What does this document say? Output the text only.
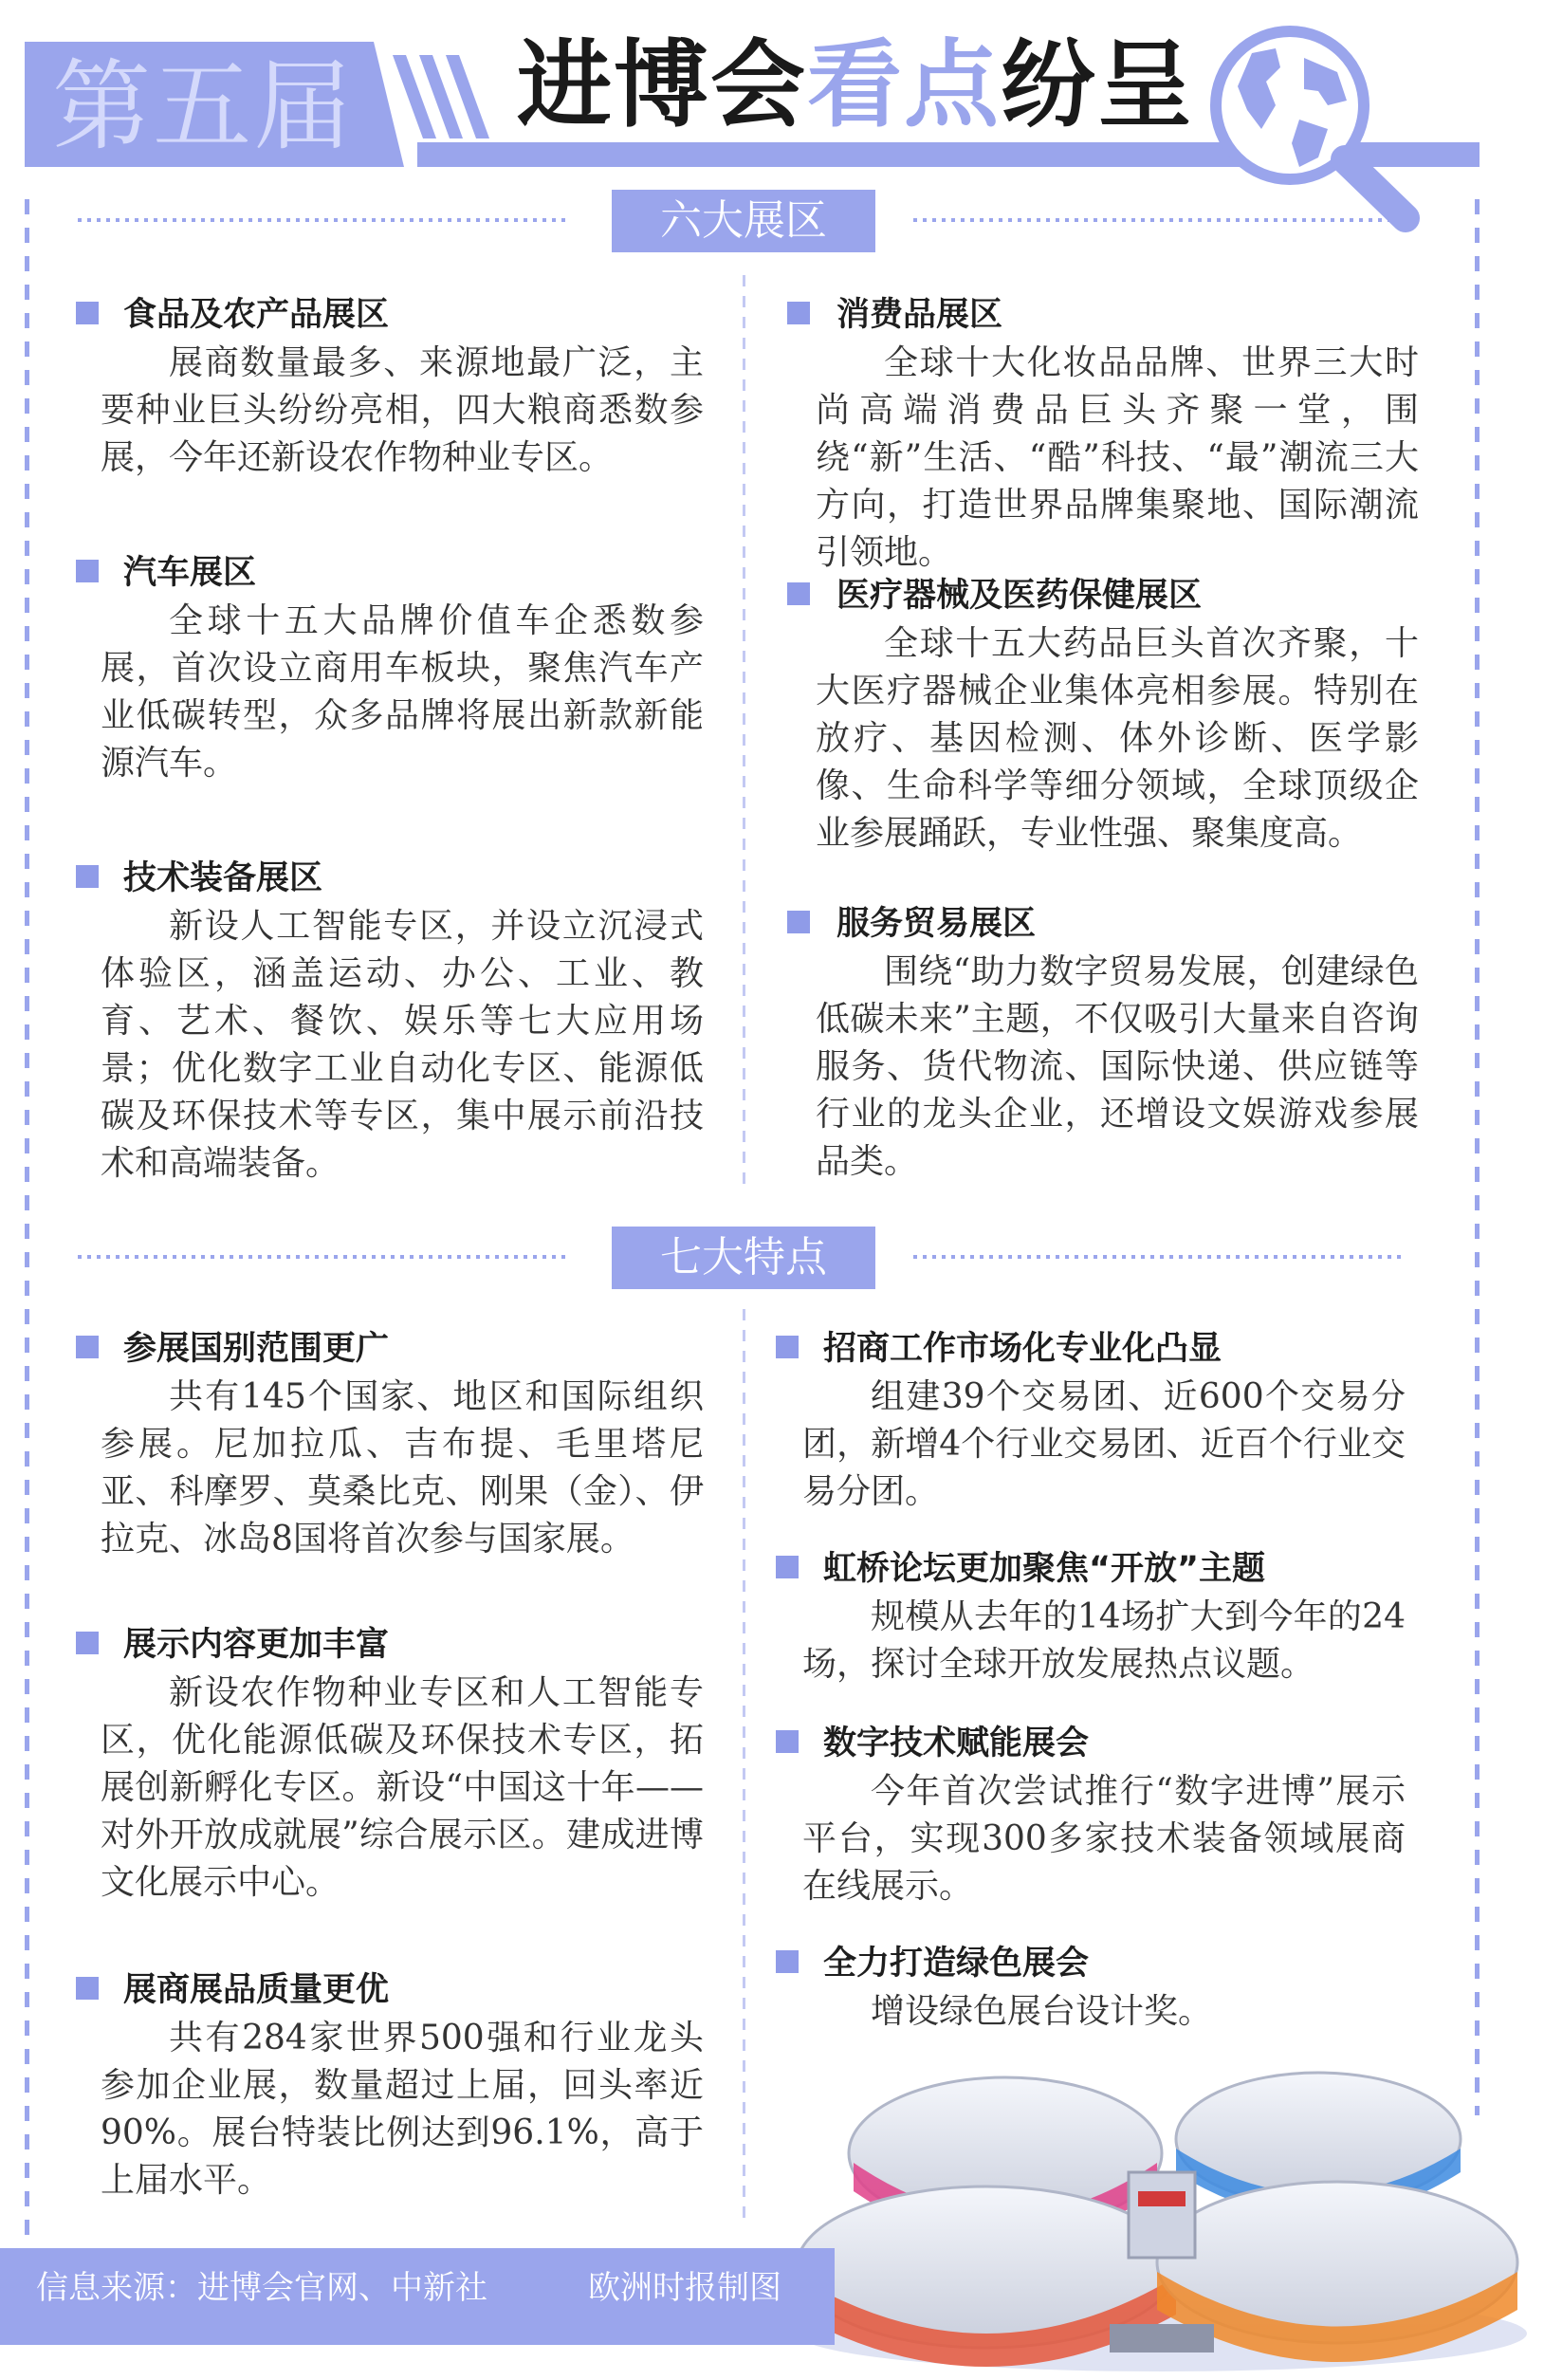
第五届 进博会看点纷呈
六大展区
食品及农产品展区
展商数量最多、来源地最广泛，主要种业巨头纷纷亮相，四大粮商悉数参展，今年还新设农作物种业专区。
消费品展区
全球十大化妆品品牌、世界三大时尚高端消费品巨头齐聚一堂，围绕“新”生活、“酷”科技、“最”潮流三大方向，打造世界品牌集聚地、国际潮流引领地。
汽车展区
全球十五大品牌价值车企悉数参展，首次设立商用车板块，聚焦汽车产业低碳转型，众多品牌将展出新款新能源汽车。
医疗器械及医药保健展区
全球十五大药品巨头首次齐聚，十大医疗器械企业集体亮相参展。特别在放疗、基因检测、体外诊断、医学影像、生命科学等细分领域，全球顶级企业参展踊跃，专业性强、聚集度高。
技术装备展区
新设人工智能专区，并设立沉浸式体验区，涵盖运动、办公、工业、教育、艺术、餐饮、娱乐等七大应用场景；优化数字工业自动化专区、能源低碳及环保技术等专区，集中展示前沿技术和高端装备。
服务贸易展区
围绕“助力数字贸易发展，创建绿色低碳未来”主题，不仅吸引大量来自咨询服务、货代物流、国际快递、供应链等行业的龙头企业，还增设文娱游戏参展品类。
七大特点
参展国别范围更广
共有145个国家、地区和国际组织参展。尼加拉瓜、吉布提、毛里塔尼亚、科摩罗、莫桑比克、刚果（金）、伊拉克、冰岛8国将首次参与国家展。
招商工作市场化专业化凸显
组建39个交易团、近600个交易分团，新增4个行业交易团、近百个行业交易分团。
虹桥论坛更加聚焦“开放”主题
规模从去年的14场扩大到今年的24场，探讨全球开放发展热点议题。
展示内容更加丰富
新设农作物种业专区和人工智能专区，优化能源低碳及环保技术专区，拓展创新孵化专区。新设“中国这十年——对外开放成就展”综合展示区。建成进博文化展示中心。
数字技术赋能展会
今年首次尝试推行“数字进博”展示平台，实现300多家技术装备领域展商在线展示。
全力打造绿色展会
增设绿色展台设计奖。
展商展品质量更优
共有284家世界500强和行业龙头参加企业展，数量超过上届，回头率近90%。展台特装比例达到96.1%，高于上届水平。
信息来源：进博会官网、中新社	欧洲时报制图
